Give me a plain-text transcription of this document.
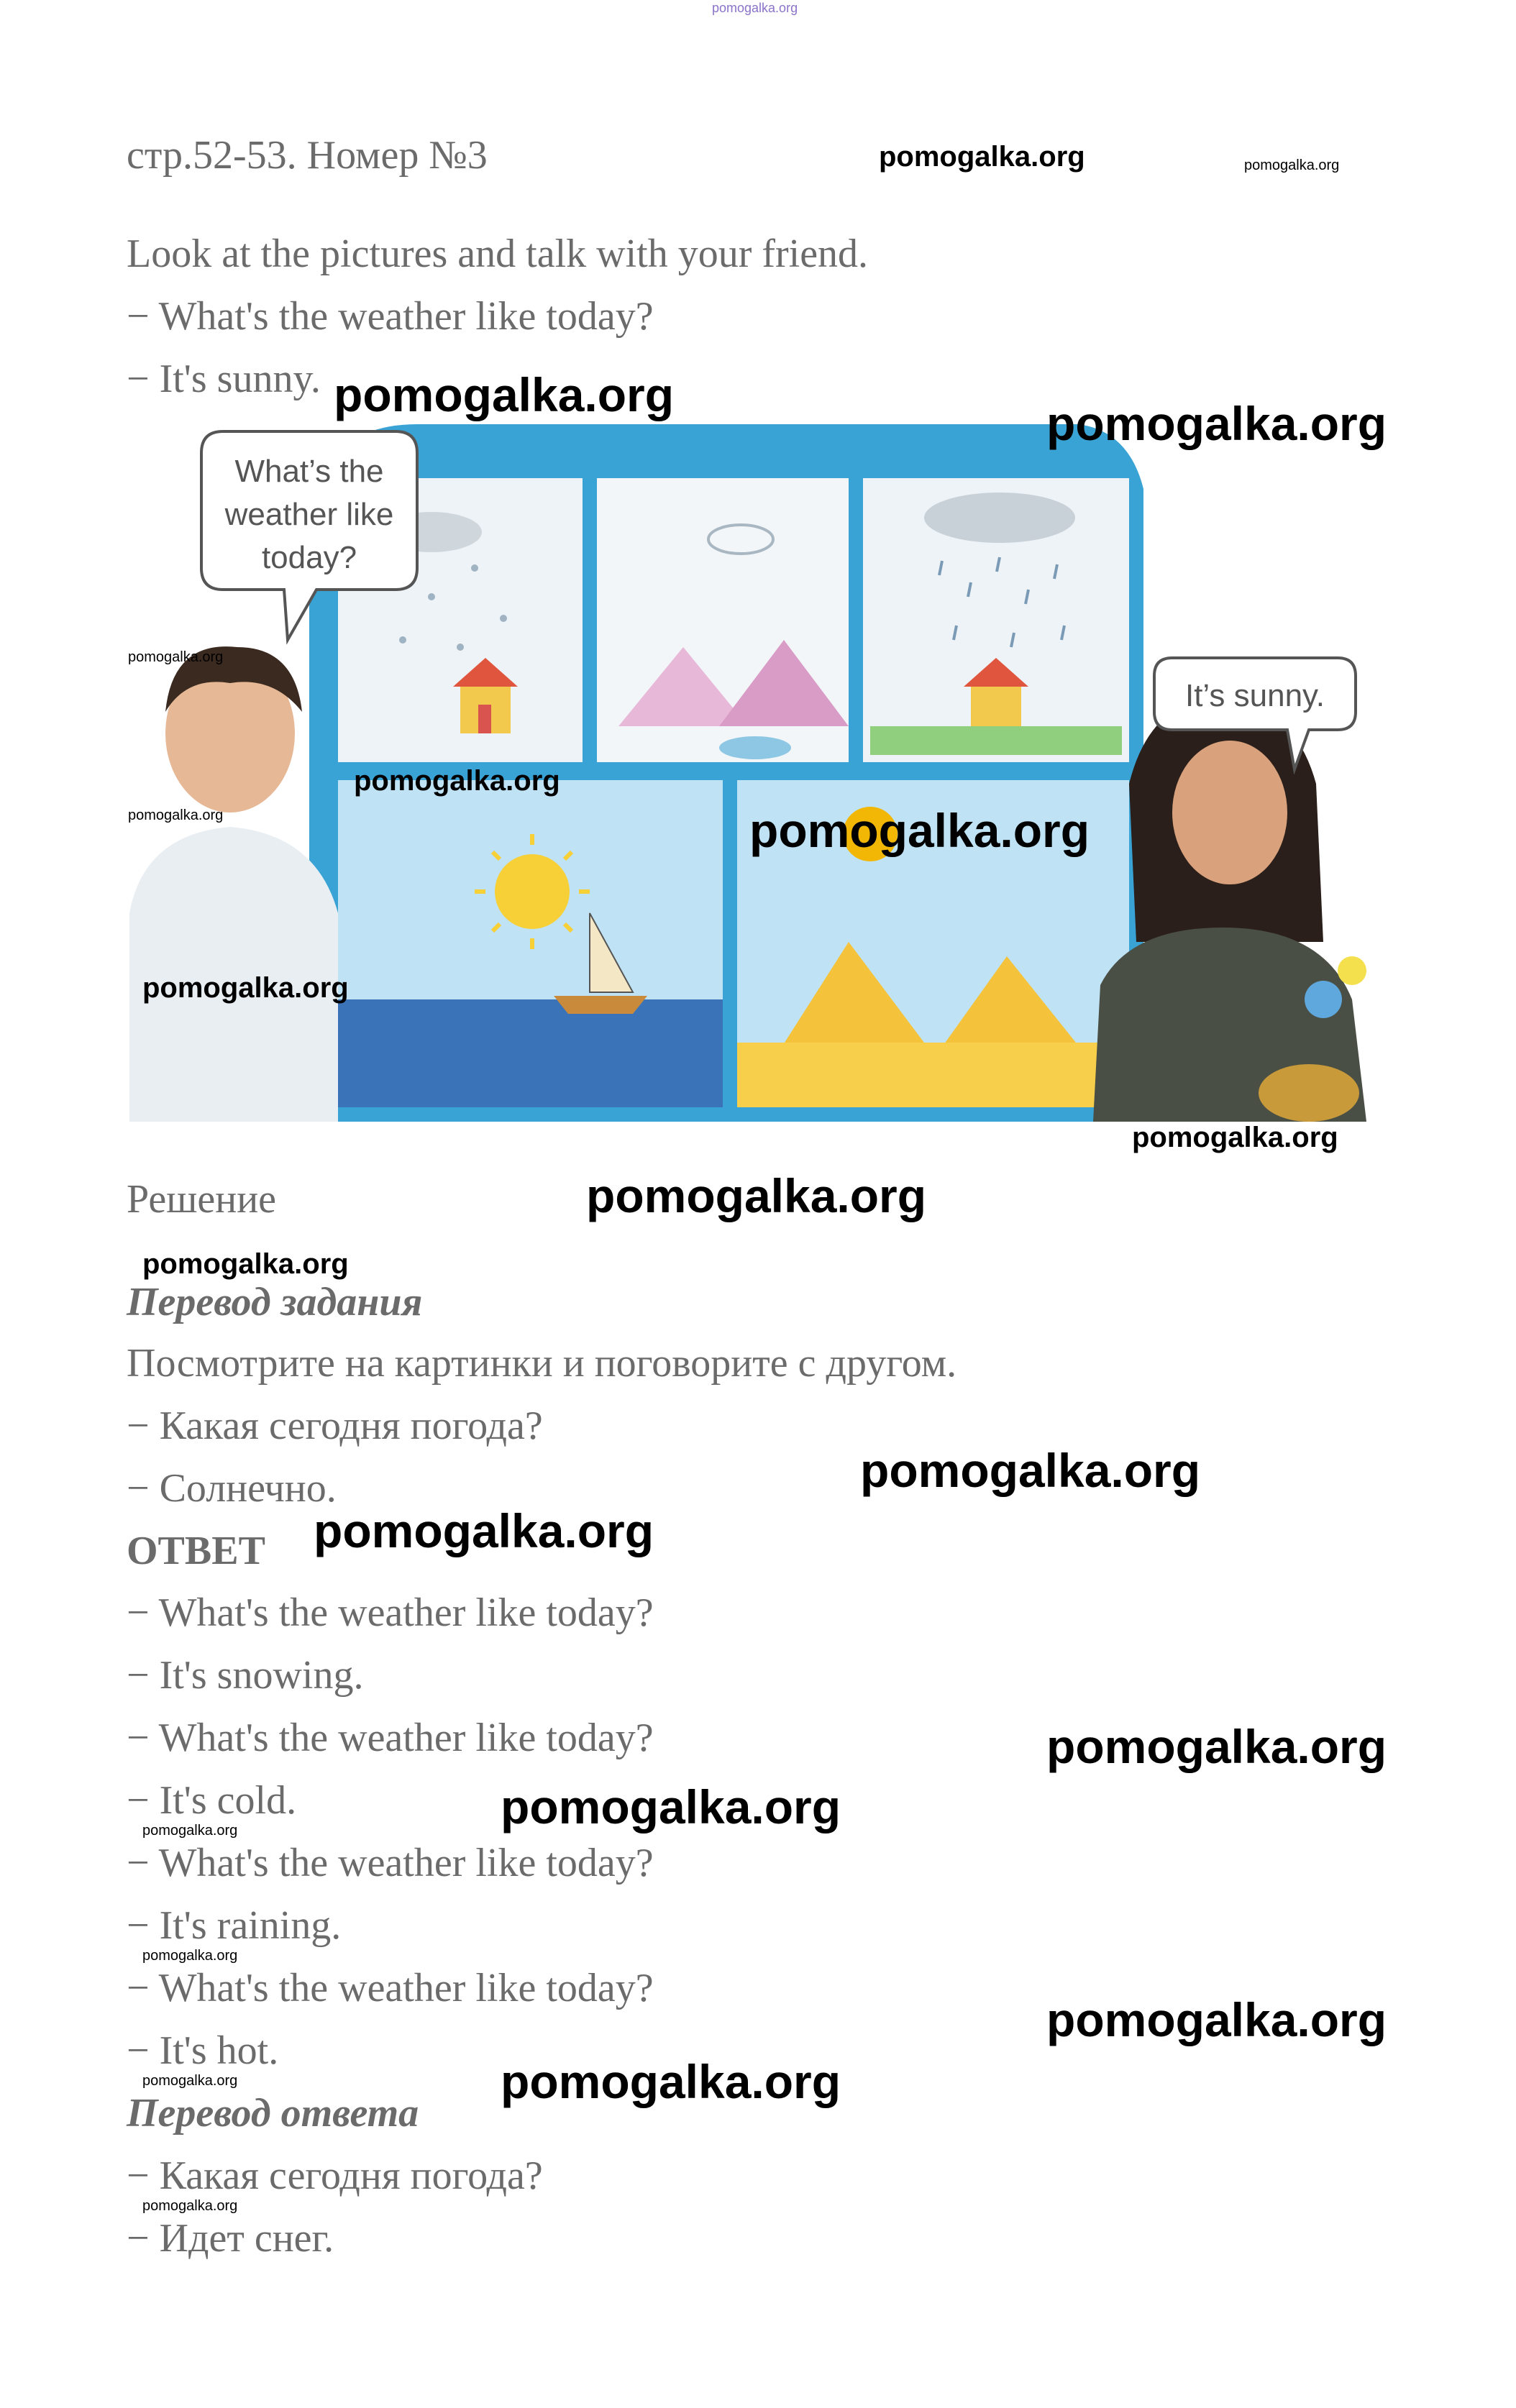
pomogalka.org

стр.52-53. Номер №3

Look at the pictures and talk with your friend.

− What's the weather like today?

− It's sunny.

What’s the
weather like
today?
It’s sunny.

Решение

Перевод задания

Посмотрите на картинки и поговорите с другом.

− Какая сегодня погода?

− Солнечно.

ОТВЕТ

− What's the weather like today?

− It's snowing.

− What's the weather like today?

− It's cold.

− What's the weather like today?

− It's raining.

− What's the weather like today?

− It's hot.

Перевод ответа

− Какая сегодня погода?

− Идет снег.

pomogalka.org	pomogalka.org
pomogalka.org
pomogalka.org
pomogalka.org
pomogalka.org
pomogalka.org	pomogalka.org
pomogalka.org
pomogalka.org
pomogalka.org
pomogalka.org
pomogalka.org
pomogalka.org
pomogalka.org
pomogalka.org
pomogalka.org
pomogalka.org
pomogalka.org
pomogalka.org
pomogalka.org
pomogalka.org
